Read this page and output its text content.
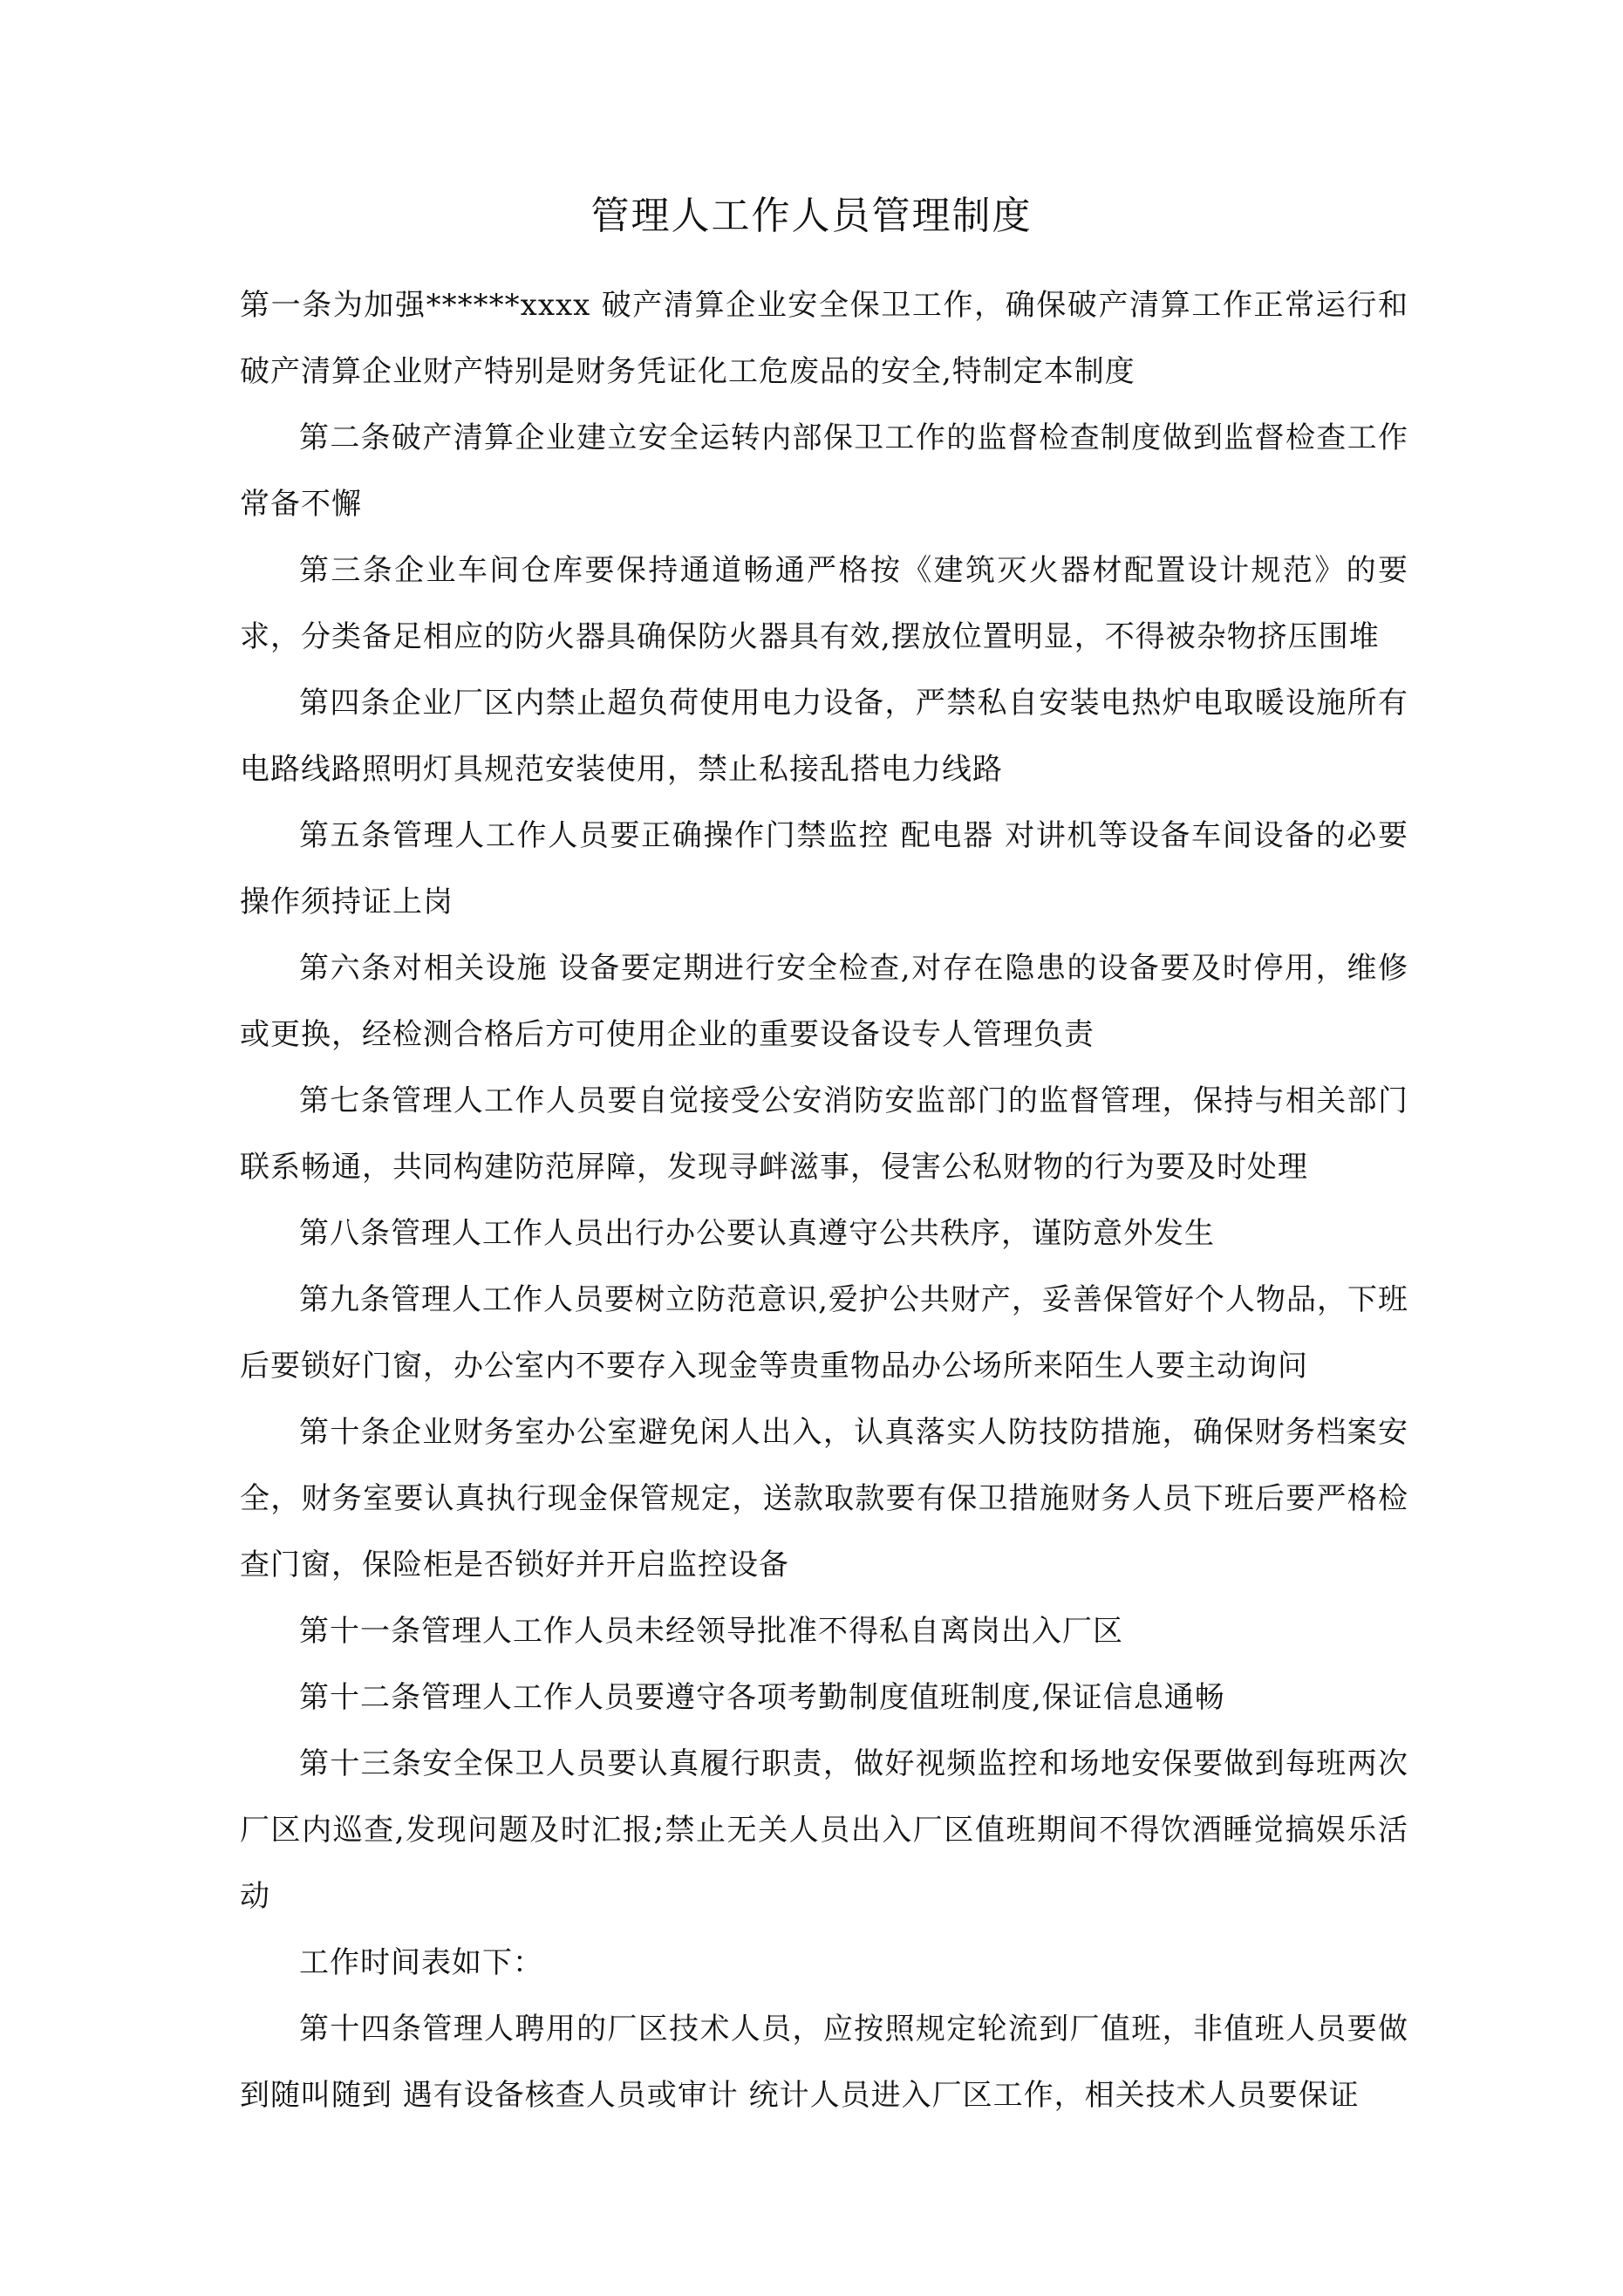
管理人工作人员管理制度

第一条为加强******xxxx 破产清算企业安全保卫工作，确保破产清算工作正常运行和破产清算企业财产特别是财务凭证化工危废品的安全,特制定本制度

第二条破产清算企业建立安全运转内部保卫工作的监督检查制度做到监督检查工作常备不懈

第三条企业车间仓库要保持通道畅通严格按《建筑灭火器材配置设计规范》的要求，分类备足相应的防火器具确保防火器具有效,摆放位置明显，不得被杂物挤压围堆

第四条企业厂区内禁止超负荷使用电力设备，严禁私自安装电热炉电取暖设施所有电路线路照明灯具规范安装使用，禁止私接乱搭电力线路

第五条管理人工作人员要正确操作门禁监控 配电器 对讲机等设备车间设备的必要操作须持证上岗

第六条对相关设施 设备要定期进行安全检查,对存在隐患的设备要及时停用，维修或更换，经检测合格后方可使用企业的重要设备设专人管理负责

第七条管理人工作人员要自觉接受公安消防安监部门的监督管理，保持与相关部门联系畅通，共同构建防范屏障，发现寻衅滋事，侵害公私财物的行为要及时处理

第八条管理人工作人员出行办公要认真遵守公共秩序，谨防意外发生

第九条管理人工作人员要树立防范意识,爱护公共财产，妥善保管好个人物品，下班后要锁好门窗，办公室内不要存入现金等贵重物品办公场所来陌生人要主动询问

第十条企业财务室办公室避免闲人出入，认真落实人防技防措施，确保财务档案安全，财务室要认真执行现金保管规定，送款取款要有保卫措施财务人员下班后要严格检查门窗，保险柜是否锁好并开启监控设备

第十一条管理人工作人员未经领导批准不得私自离岗出入厂区

第十二条管理人工作人员要遵守各项考勤制度值班制度,保证信息通畅

第十三条安全保卫人员要认真履行职责，做好视频监控和场地安保要做到每班两次厂区内巡查,发现问题及时汇报;禁止无关人员出入厂区值班期间不得饮酒睡觉搞娱乐活动

工作时间表如下：

第十四条管理人聘用的厂区技术人员，应按照规定轮流到厂值班，非值班人员要做到随叫随到 遇有设备核查人员或审计 统计人员进入厂区工作，相关技术人员要保证
